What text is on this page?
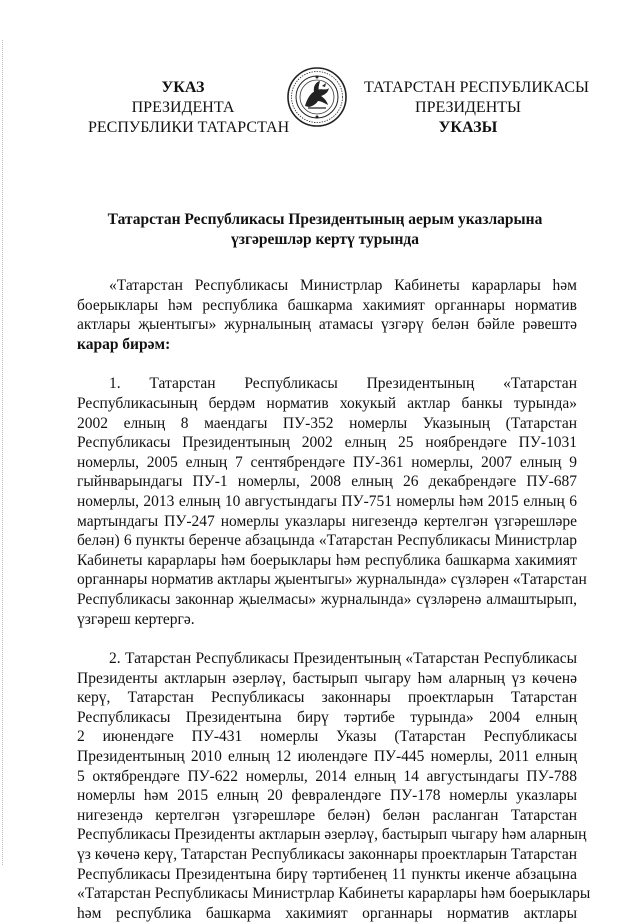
УКАЗ
ПРЕЗИДЕНТА
РЕСПУБЛИКИ ТАТАРСТАН
ТАТАРСТАН РЕСПУБЛИКАСЫ
ПРЕЗИДЕНТЫ
УКАЗЫ
Татарстан Республикасы Президентының аерым указларына
үзгәрешләр кертү турында
«Татарстан Республикасы Министрлар Кабинеты карарлары һәм
боерыклары һәм республика башкарма хакимият органнары норматив
актлары җыентыгы» журналының атамасы үзгәрү белән бәйле рәвештә
карар бирәм:
1. Татарстан Республикасы Президентының «Татарстан
Республикасының бердәм норматив хокукый актлар банкы турында»
2002 елның 8 маендагы ПУ-352 номерлы Указының (Татарстан
Республикасы Президентының 2002 елның 25 ноябрендәге ПУ-1031
номерлы, 2005 елның 7 сентябрендәге ПУ-361 номерлы, 2007 елның 9
гыйнварындагы ПУ-1 номерлы, 2008 елның 26 декабрендәге ПУ-687
номерлы, 2013 елның 10 августындагы ПУ-751 номерлы һәм 2015 елның 6
мартындагы ПУ-247 номерлы указлары нигезендә кертелгән үзгәрешләре
белән) 6 пункты беренче абзацында «Татарстан Республикасы Министрлар
Кабинеты карарлары һәм боерыклары һәм республика башкарма хакимият
органнары норматив актлары җыентыгы» журналында» сүзләрен «Татарстан
Республикасы законнар җыелмасы» журналында» сүзләренә алмаштырып,
үзгәреш кертергә.
2. Татарстан Республикасы Президентының «Татарстан Республикасы
Президенты актларын әзерләү, бастырып чыгару һәм аларның үз көченә
керү, Татарстан Республикасы законнары проектларын Татарстан
Республикасы Президентына бирү тәртибе турында» 2004 елның
2 июнендәге ПУ-431 номерлы Указы (Татарстан Республикасы
Президентының 2010 елның 12 июлендәге ПУ-445 номерлы, 2011 елның
5 октябрендәге ПУ-622 номерлы, 2014 елның 14 августындагы ПУ-788
номерлы һәм 2015 елның 20 февралендәге ПУ-178 номерлы указлары
нигезендә кертелгән үзгәрешләре белән) белән расланган Татарстан
Республикасы Президенты актларын әзерләү, бастырып чыгару һәм аларның
үз көченә керү, Татарстан Республикасы законнары проектларын Татарстан
Республикасы Президентына бирү тәртибенең 11 пункты икенче абзацына
«Татарстан Республикасы Министрлар Кабинеты карарлары һәм боерыклары
һәм республика башкарма хакимият органнары норматив актлары
